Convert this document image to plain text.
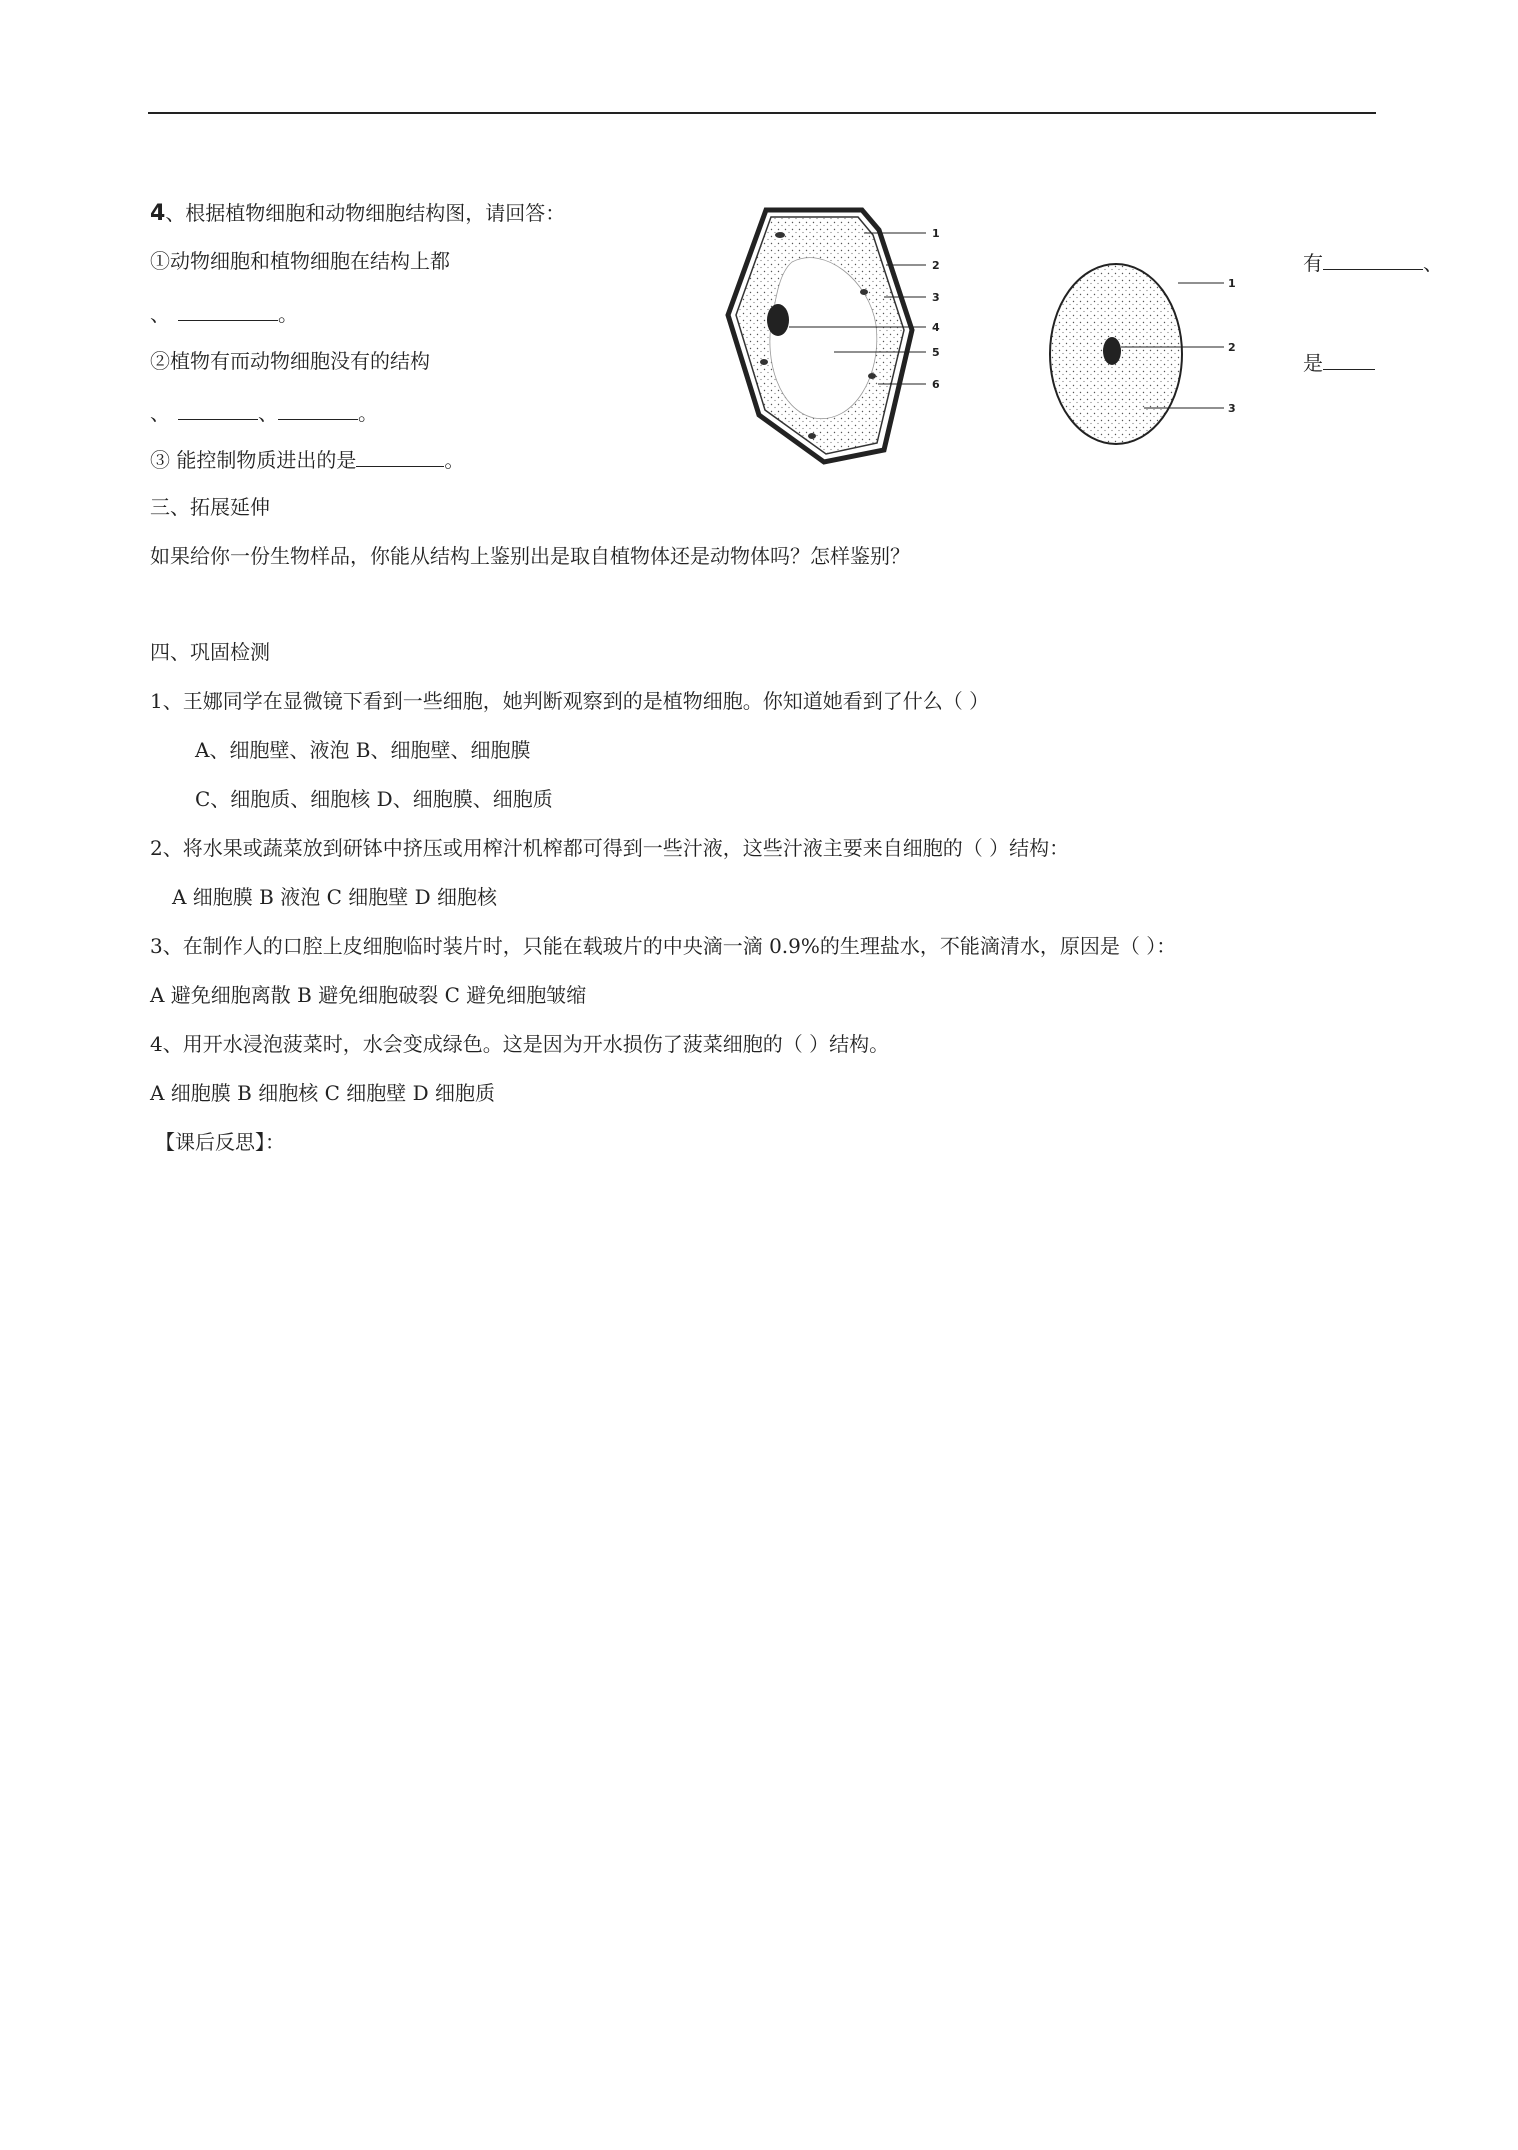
4、根据植物细胞和动物细胞结构图，请回答：
①动物细胞和植物细胞在结构上都	有	、
、	。
②植物有而动物细胞没有的结构	是
、	、	。
③ 能控制物质进出的是	。
1
2
3
4
5
6
1
2
3
三、拓展延伸
如果给你一份生物样品，你能从结构上鉴别出是取自植物体还是动物体吗？怎样鉴别？
四、巩固检测
1、王娜同学在显微镜下看到一些细胞，她判断观察到的是植物细胞。你知道她看到了什么（ ）
A、细胞壁、液泡 B、细胞壁、细胞膜
C、细胞质、细胞核 D、细胞膜、细胞质
2、将水果或蔬菜放到研钵中挤压或用榨汁机榨都可得到一些汁液，这些汁液主要来自细胞的（ ）结构：
A 细胞膜 B 液泡 C 细胞壁 D 细胞核
3、在制作人的口腔上皮细胞临时装片时，只能在载玻片的中央滴一滴 0.9%的生理盐水，不能滴清水，原因是（ ）：
A 避免细胞离散 B 避免细胞破裂 C 避免细胞皱缩
4、用开水浸泡菠菜时，水会变成绿色。这是因为开水损伤了菠菜细胞的（ ）结构。
A 细胞膜 B 细胞核 C 细胞壁 D 细胞质
【课后反思】：
